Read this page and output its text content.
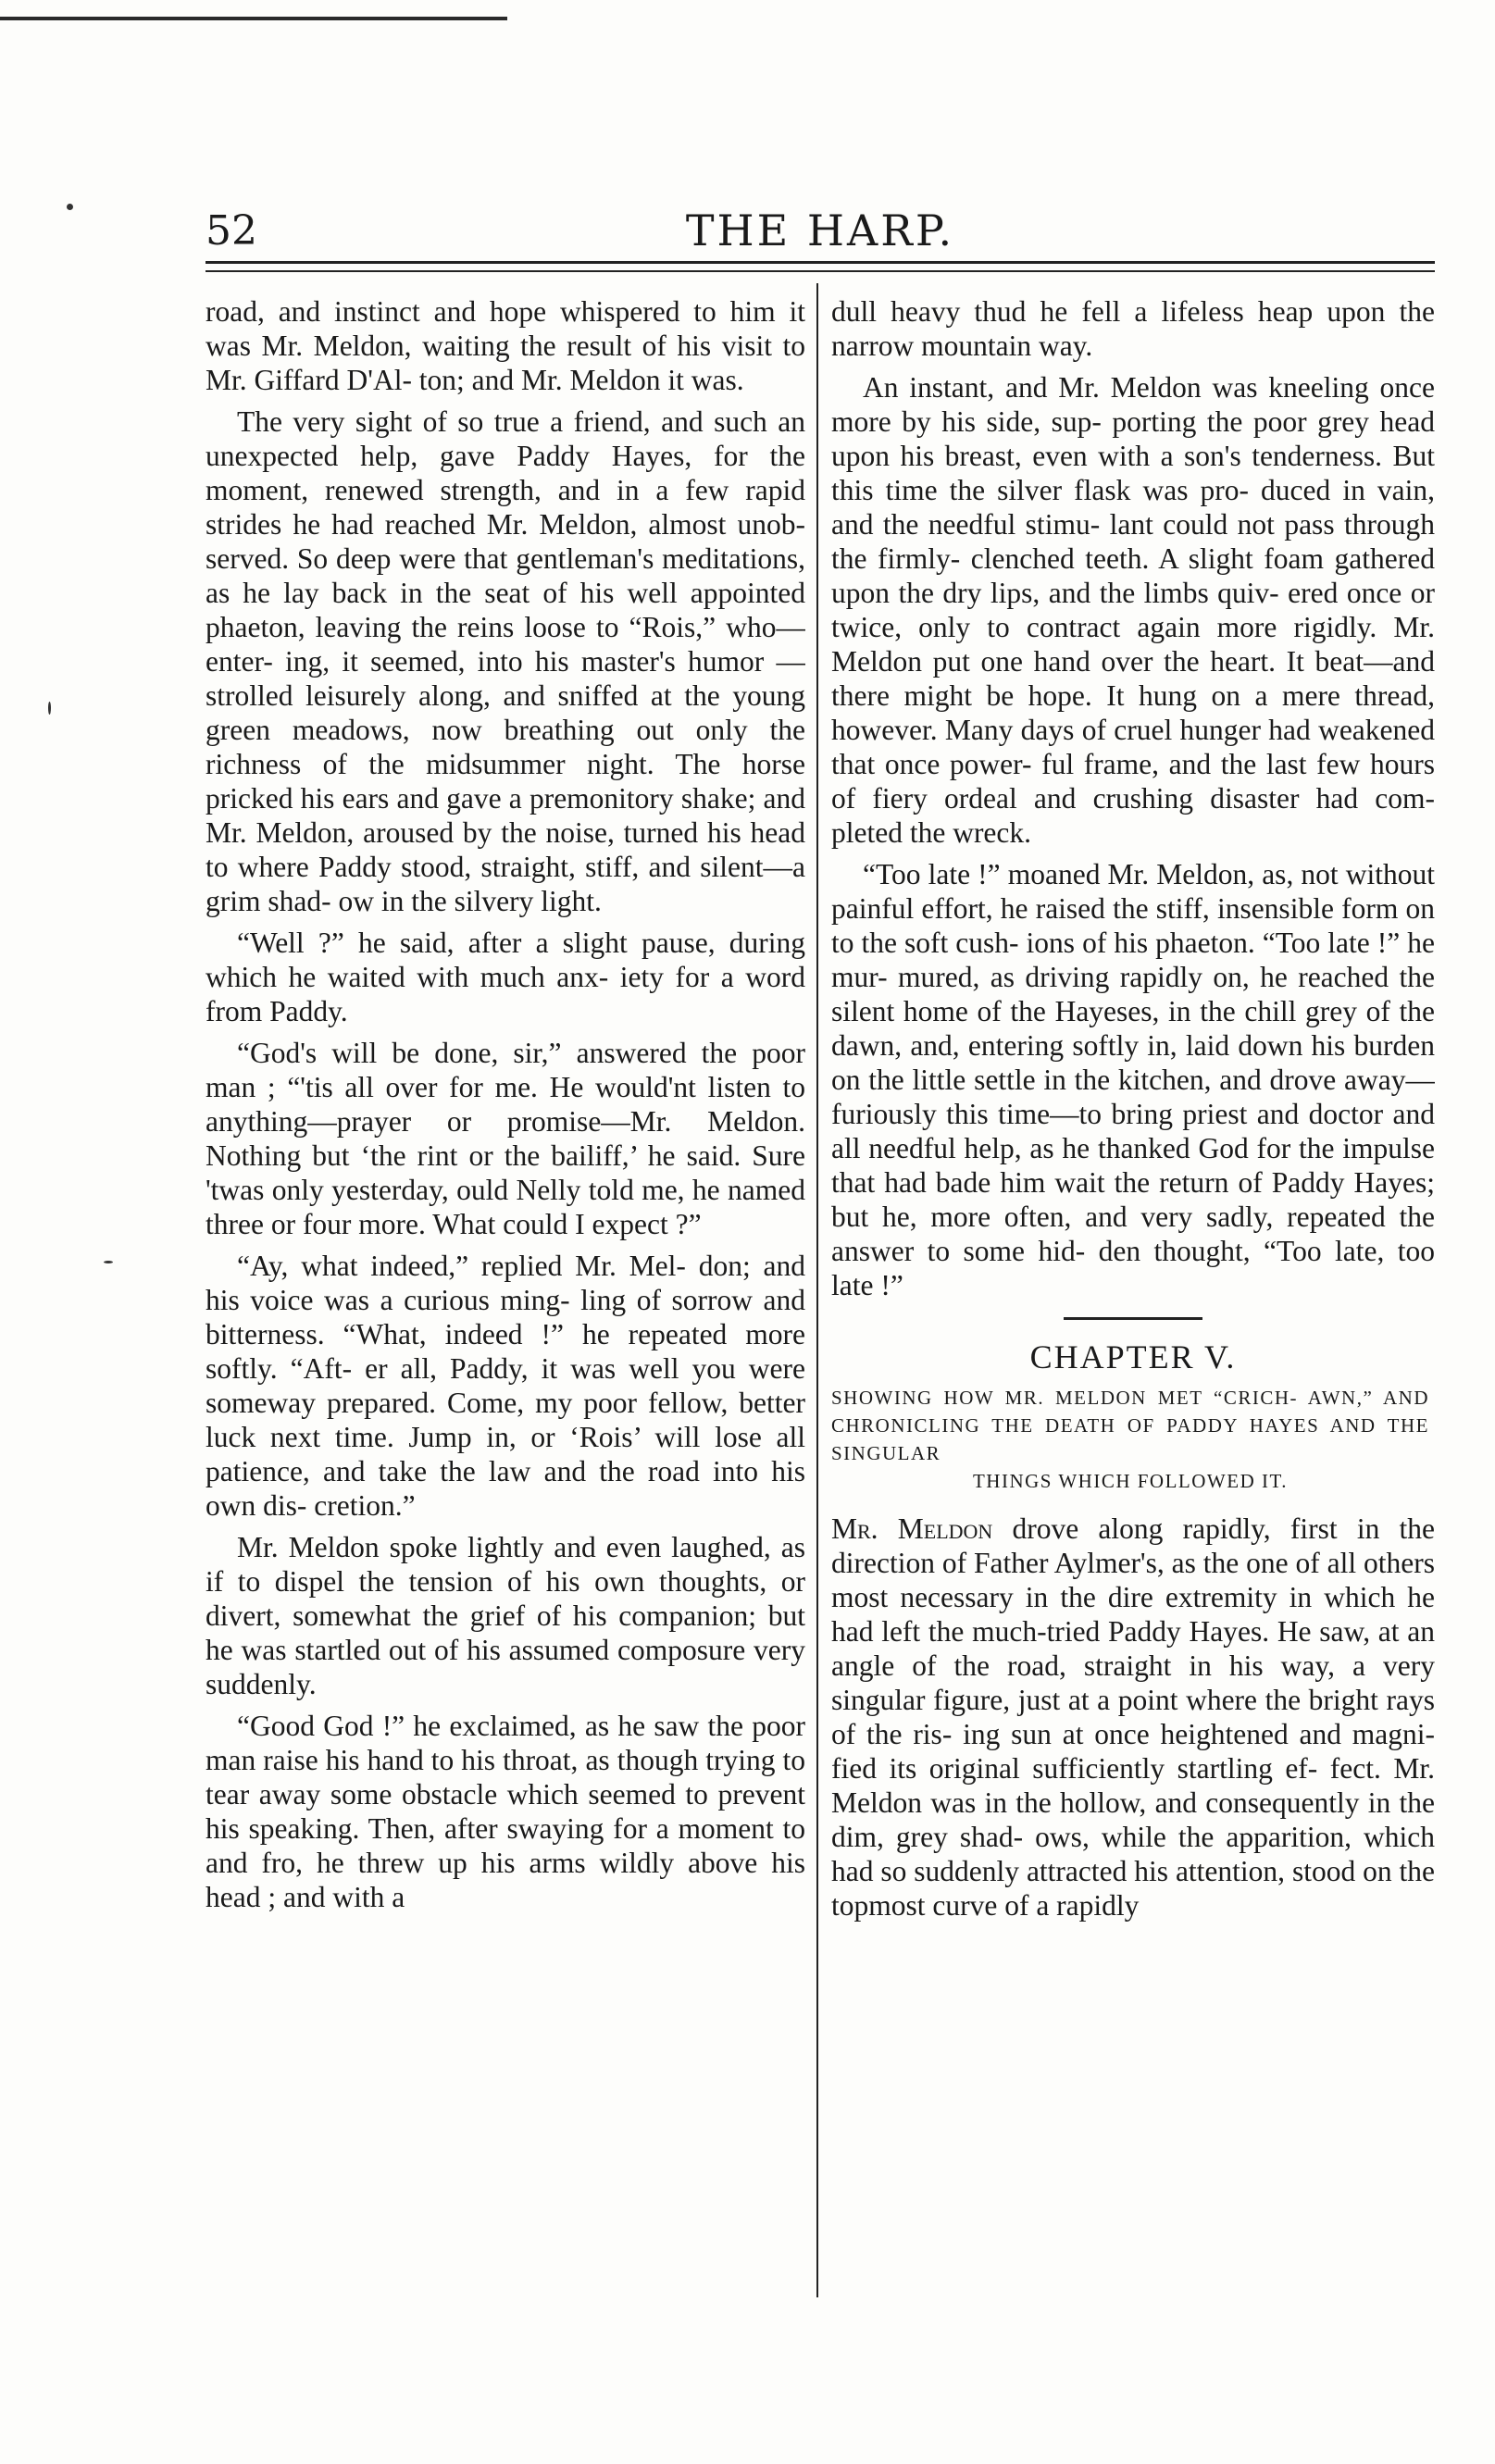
52	THE HARP.

road, and instinct and hope whispered to him it was Mr. Meldon, waiting the result of his visit to Mr. Giffard D'Al- ton; and Mr. Meldon it was.

The very sight of so true a friend, and such an unexpected help, gave Paddy Hayes, for the moment, renewed strength, and in a few rapid strides he had reached Mr. Meldon, almost unob- served. So deep were that gentleman's meditations, as he lay back in the seat of his well appointed phaeton, leaving the reins loose to “Rois,” who—enter- ing, it seemed, into his master's humor —strolled leisurely along, and sniffed at the young green meadows, now breathing out only the richness of the midsummer night. The horse pricked his ears and gave a premonitory shake; and Mr. Meldon, aroused by the noise, turned his head to where Paddy stood, straight, stiff, and silent—a grim shad- ow in the silvery light.

“Well ?” he said, after a slight pause, during which he waited with much anx- iety for a word from Paddy.

“God's will be done, sir,” answered the poor man ; “'tis all over for me. He would'nt listen to anything—prayer or promise—Mr. Meldon. Nothing but ‘the rint or the bailiff,’ he said. Sure 'twas only yesterday, ould Nelly told me, he named three or four more. What could I expect ?”

“Ay, what indeed,” replied Mr. Mel- don; and his voice was a curious ming- ling of sorrow and bitterness. “What, indeed !” he repeated more softly. “Aft- er all, Paddy, it was well you were someway prepared. Come, my poor fellow, better luck next time. Jump in, or ‘Rois’ will lose all patience, and take the law and the road into his own dis- cretion.”

Mr. Meldon spoke lightly and even laughed, as if to dispel the tension of his own thoughts, or divert, somewhat the grief of his companion; but he was startled out of his assumed composure very suddenly.

“Good God !” he exclaimed, as he saw the poor man raise his hand to his throat, as though trying to tear away some obstacle which seemed to prevent his speaking. Then, after swaying for a moment to and fro, he threw up his arms wildly above his head ; and with a

dull heavy thud he fell a lifeless heap upon the narrow mountain way.

An instant, and Mr. Meldon was kneeling once more by his side, sup- porting the poor grey head upon his breast, even with a son's tenderness. But this time the silver flask was pro- duced in vain, and the needful stimu- lant could not pass through the firmly- clenched teeth. A slight foam gathered upon the dry lips, and the limbs quiv- ered once or twice, only to contract again more rigidly. Mr. Meldon put one hand over the heart. It beat—and there might be hope. It hung on a mere thread, however. Many days of cruel hunger had weakened that once power- ful frame, and the last few hours of fiery ordeal and crushing disaster had com- pleted the wreck.

“Too late !” moaned Mr. Meldon, as, not without painful effort, he raised the stiff, insensible form on to the soft cush- ions of his phaeton. “Too late !” he mur- mured, as driving rapidly on, he reached the silent home of the Hayeses, in the chill grey of the dawn, and, entering softly in, laid down his burden on the little settle in the kitchen, and drove away—furiously this time—to bring priest and doctor and all needful help, as he thanked God for the impulse that had bade him wait the return of Paddy Hayes; but he, more often, and very sadly, repeated the answer to some hid- den thought, “Too late, too late !”

CHAPTER V.
SHOWING HOW MR. MELDON MET “CRICH- AWN,” AND CHRONICLING THE DEATH OF PADDY HAYES AND THE SINGULAR
THINGS WHICH FOLLOWED IT.

Mr. Meldon drove along rapidly, first in the direction of Father Aylmer's, as the one of all others most necessary in the dire extremity in which he had left the much-tried Paddy Hayes. He saw, at an angle of the road, straight in his way, a very singular figure, just at a point where the bright rays of the ris- ing sun at once heightened and magni- fied its original sufficiently startling ef- fect. Mr. Meldon was in the hollow, and consequently in the dim, grey shad- ows, while the apparition, which had so suddenly attracted his attention, stood on the topmost curve of a rapidly
